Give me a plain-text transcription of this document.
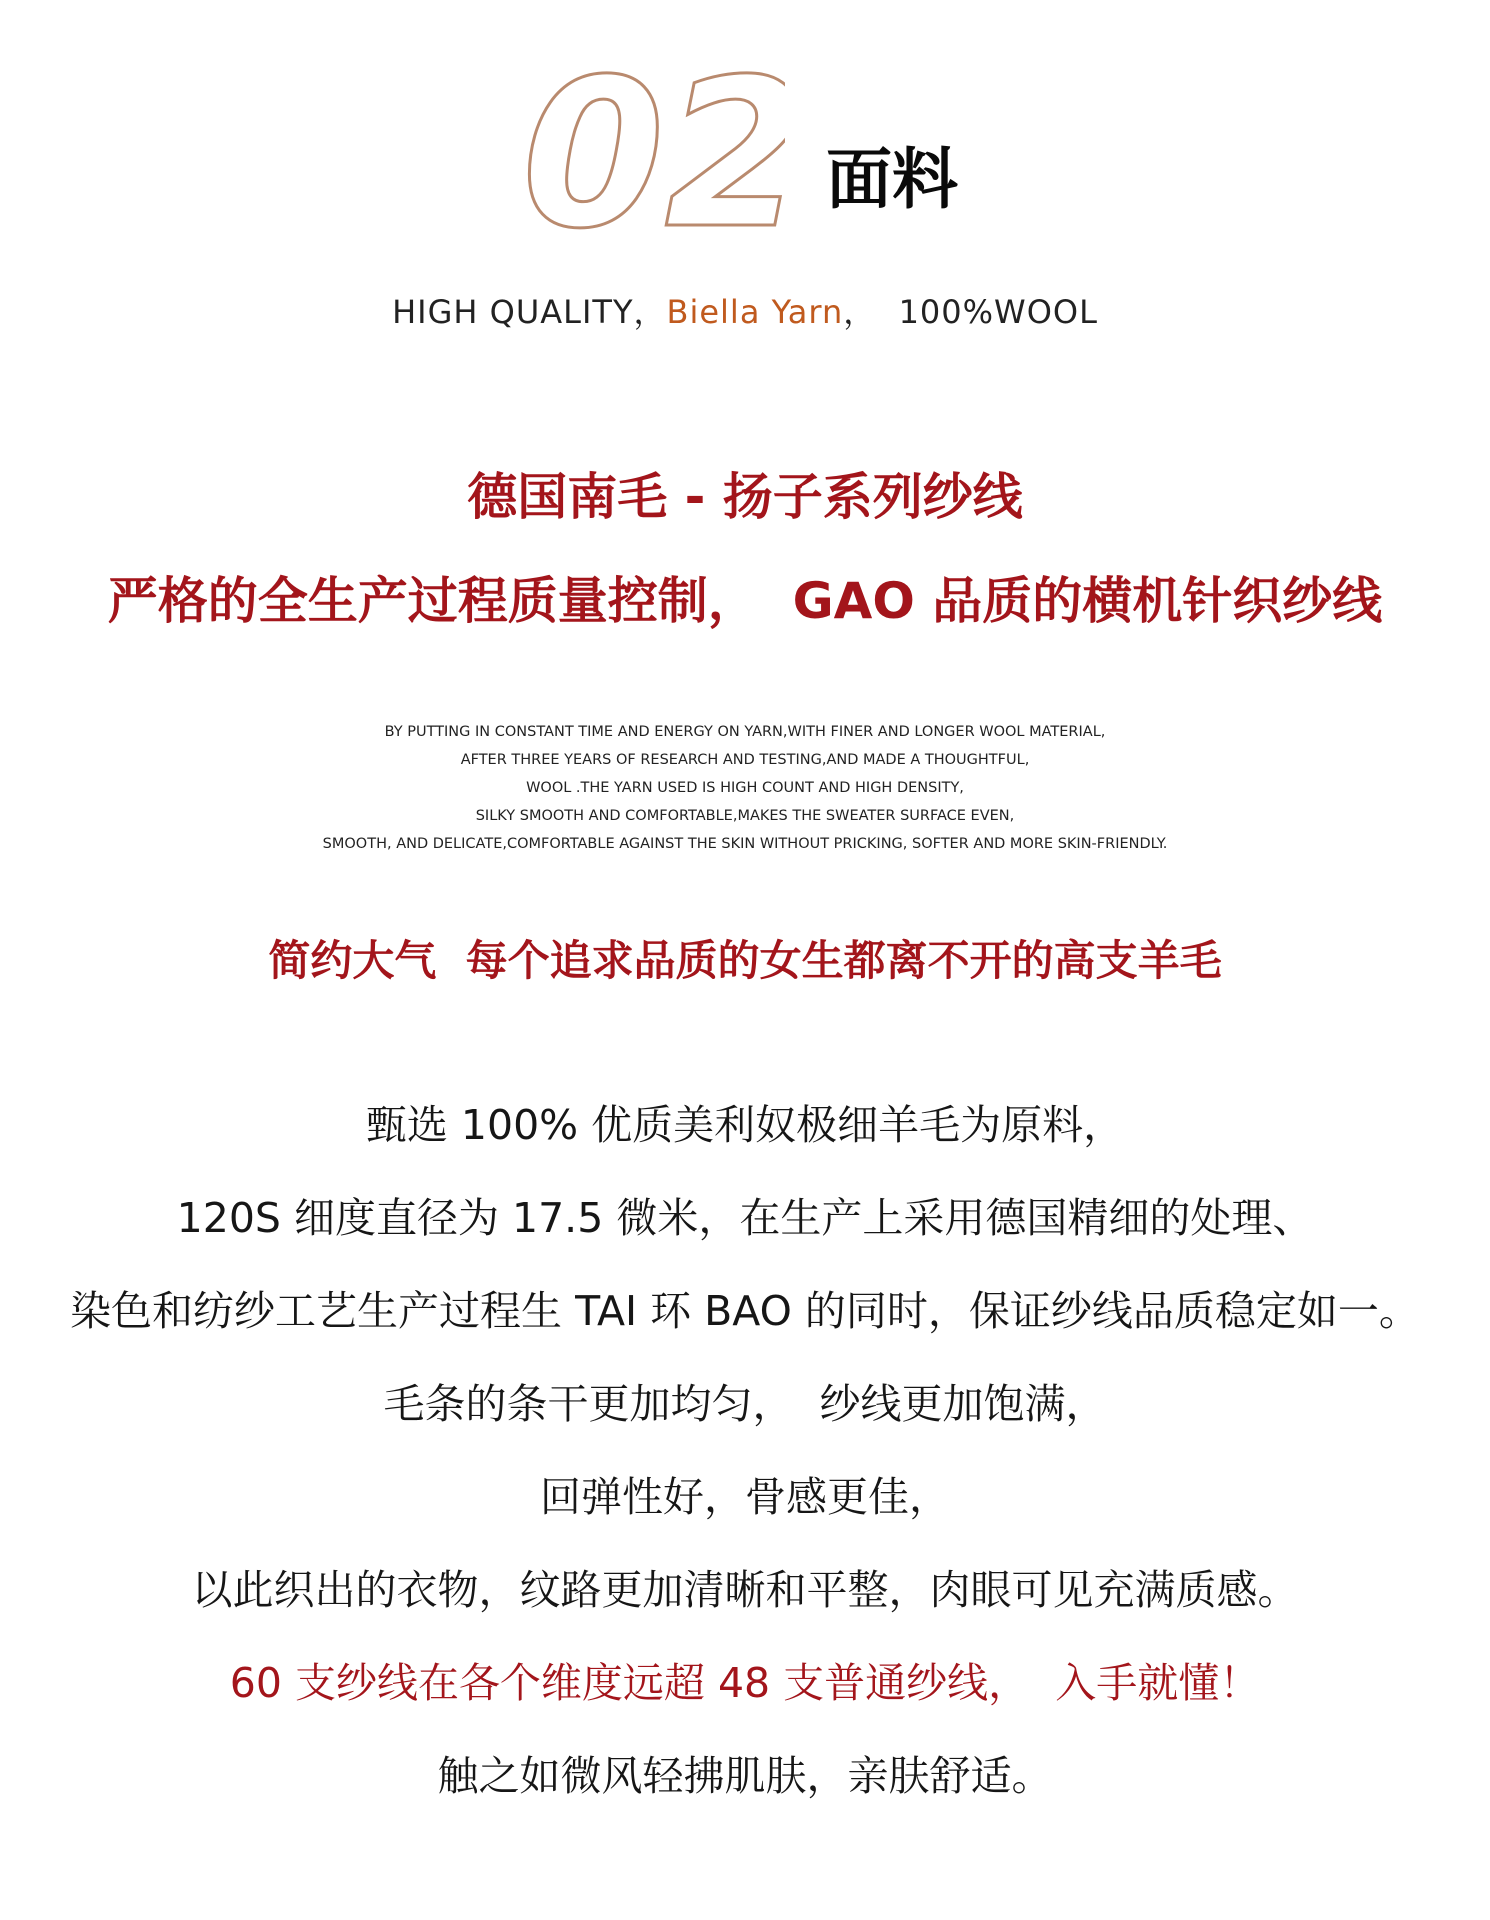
02 面料
HIGH QUALITY，Biella Yarn，  100%WOOL
德国南毛 - 扬子系列纱线
严格的全生产过程质量控制，  GAO 品质的横机针织纱线
BY PUTTING IN CONSTANT TIME AND ENERGY ON YARN,WITH FINER AND LONGER WOOL MATERIAL,
AFTER THREE YEARS OF RESEARCH AND TESTING,AND MADE A THOUGHTFUL,
WOOL .THE YARN USED IS HIGH COUNT AND HIGH DENSITY,
SILKY SMOOTH AND COMFORTABLE,MAKES THE SWEATER SURFACE EVEN,
SMOOTH, AND DELICATE,COMFORTABLE AGAINST THE SKIN WITHOUT PRICKING, SOFTER AND MORE SKIN-FRIENDLY.
简约大气  每个追求品质的女生都离不开的高支羊毛
甄选 100% 优质美利奴极细羊毛为原料，
120S 细度直径为 17.5 微米，在生产上采用德国精细的处理、
染色和纺纱工艺生产过程生 TAI 环 BAO 的同时，保证纱线品质稳定如一。
毛条的条干更加均匀，  纱线更加饱满，
回弹性好，骨感更佳，
以此织出的衣物，纹路更加清晰和平整，肉眼可见充满质感。
60 支纱线在各个维度远超 48 支普通纱线，  入手就懂！
触之如微风轻拂肌肤，亲肤舒适。
